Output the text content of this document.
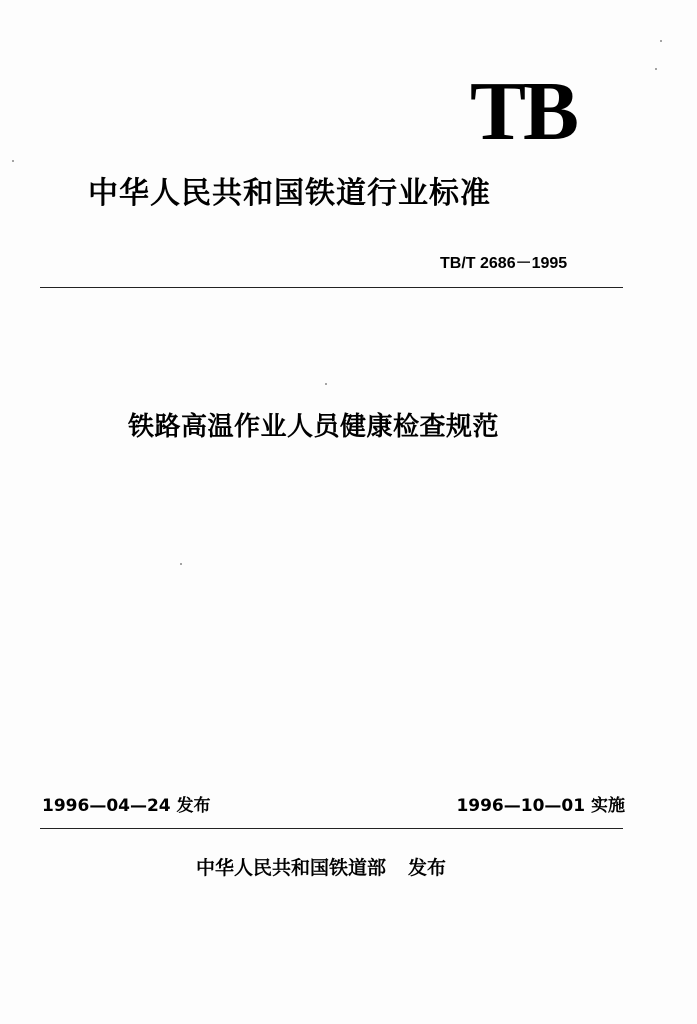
TB
中华人民共和国铁道行业标准
TB/T 2686－1995
铁路高温作业人员健康检查规范
1996—04—24 发布	1996—10—01 实施
中华人民共和国铁道部 发布
